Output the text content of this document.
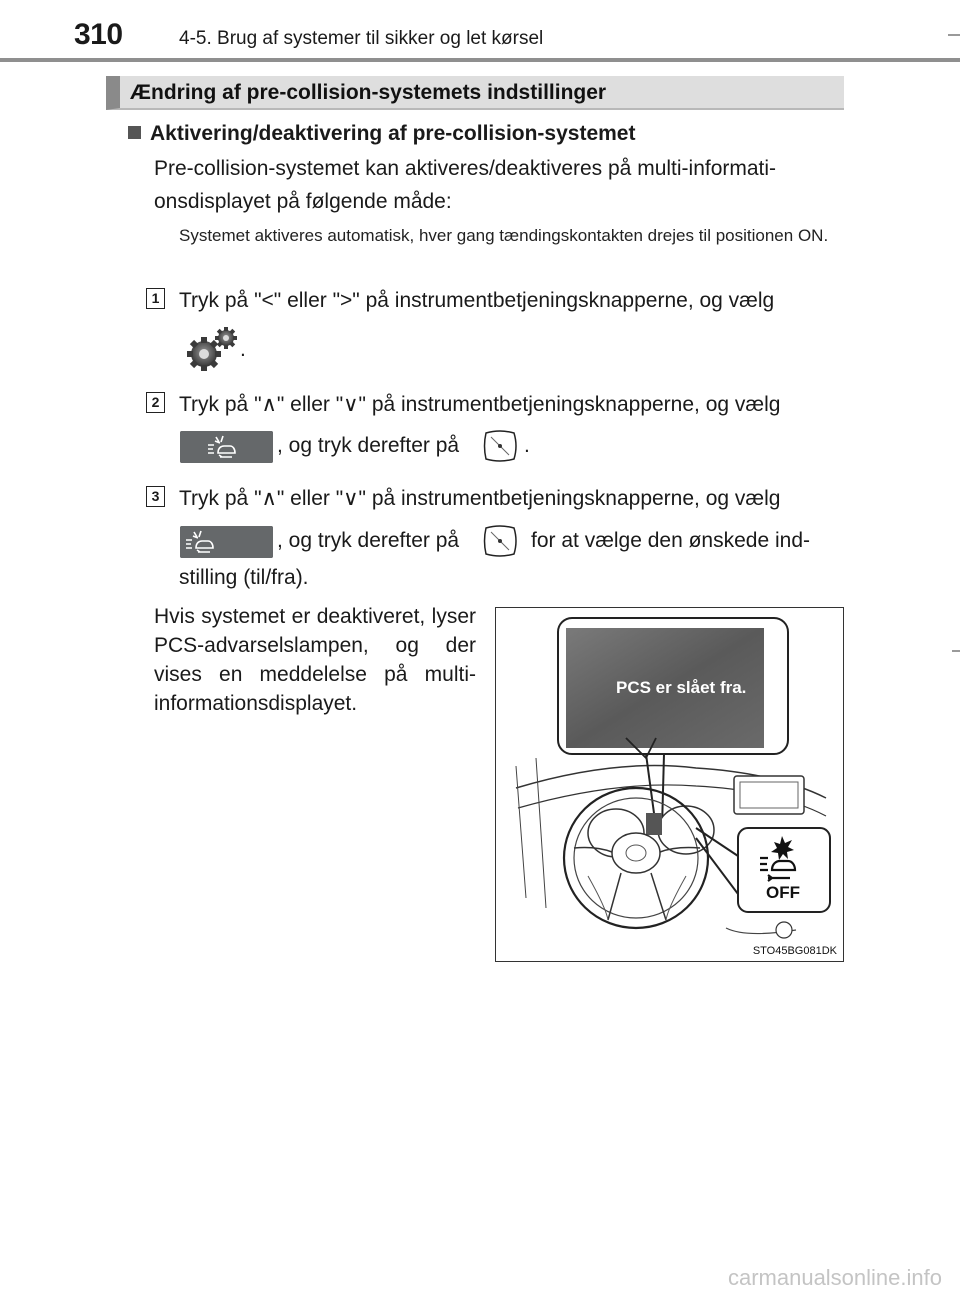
310	4-5. Brug af systemer til sikker og let kørsel
Ændring af pre-collision-systemets indstillinger
Aktivering/deaktivering af pre-collision-systemet
Pre-collision-systemet kan aktiveres/deaktiveres på multi-informati-
onsdisplayet på følgende måde:
Systemet aktiveres automatisk, hver gang tændingskontakten drejes til positionen ON.
1 Tryk på "<" eller ">" på instrumentbetjeningsknapperne, og vælg
.
2 Tryk på "∧" eller "∨" på instrumentbetjeningsknapperne, og vælg
, og tryk derefter på	.
3 Tryk på "∧" eller "∨" på instrumentbetjeningsknapperne, og vælg
, og tryk derefter på	for at vælge den ønskede ind-
stilling (til/fra).
Hvis systemet er deaktiveret, lyser PCS-advarselslampen, og der vises en meddelelse på multi-informationsdisplayet.
PCS er slået fra.
OFF
STO45BG081DK
carmanualsonline.info
